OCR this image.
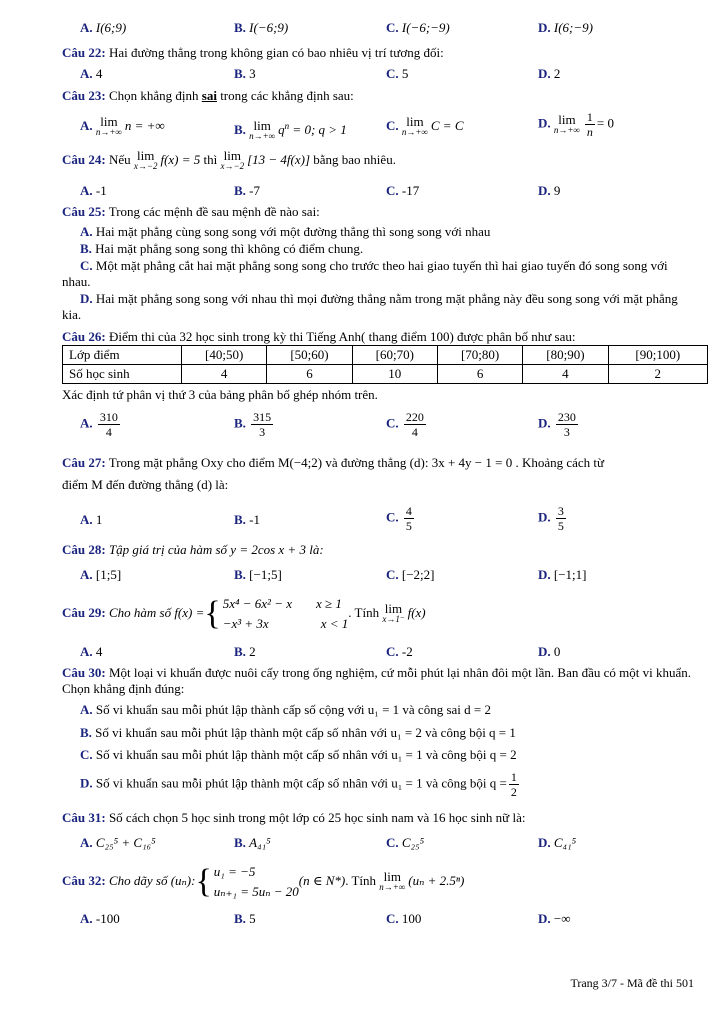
A. I(6;9)	B. I(−6;9)	C. I(−6;−9)	D. I(6;−9)
Câu 22: Hai đường thẳng trong không gian có bao nhiêu vị trí tương đối:
A. 4	B. 3	C. 5	D. 2
Câu 23: Chọn khẳng định sai trong các khẳng định sau:
A. lim
n→+∞ n = +∞	B. lim
n→+∞ $q^n = 0$; q > 1	C. lim
n→+∞ C = C	D. lim
$n\to+\infty \frac{1}{n} = 0$
Câu 24: Nếu lim
x→−2 f(x) = 5 thì lim
x→−2 [13 − 4f(x)] bằng bao nhiêu.
A. -1	B. -7	C. -17	D. 9
Câu 25: Trong các mệnh đề sau mệnh đề nào sai:
A. Hai mặt phẳng cùng song song với một đường thẳng thì song song với nhau
B. Hai mặt phẳng song song thì không có điểm chung.
C. Một mặt phẳng cắt hai mặt phẳng song song cho trước theo hai giao tuyến thì hai giao tuyến đó song song với nhau.
D. Hai mặt phẳng song song với nhau thì mọi đường thẳng nằm trong mặt phẳng này đều song song với mặt phẳng kia.
Câu 26: Điểm thi của 32 học sinh trong kỳ thi Tiếng Anh( thang điểm 100) được phân bố như sau:
Lớp điểm	[40;50)	[50;60)	[60;70)	[70;80)	[80;90)	[90;100)
Số học sinh	4	6	10	6	4	2
Xác định tứ phân vị thứ 3 của bảng phân bố ghép nhóm trên.
A. $\frac{310}{4}$	B. $\frac{315}{3}$	C. $\frac{220}{4}$	D. $\frac{230}{3}$
Câu 27: Trong mặt phẳng Oxy cho điểm M(−4;2) và đường thẳng (d): 3x + 4y − 1 = 0 . Khoảng cách từ
điểm M đến đường thẳng (d) là:
A. 1	B. -1	C. $\frac{4}{5}$	D. $\frac{3}{5}$
Câu 28: Tập giá trị của hàm số y = 2cos x + 3 là:
A. [1;5]	B. [−1;5]	C. [−2;2]	D. [−1;1]
Câu 29: Cho hàm số f(x) ={ 5x⁴ − 6x² − x x ≥ 1
−x³ + 3x	x < 1
. Tính lim
x→1⁻ f(x)
A. 4	B. 2	C. -2	D. 0
Câu 30: Một loại vi khuẩn được nuôi cấy trong ống nghiệm, cứ mỗi phút lại nhân đôi một lần. Ban đầu có một vi khuẩn. Chọn khẳng định đúng:
A. Số vi khuẩn sau mỗi phút lập thành cấp số cộng với u₁ = 1 và công sai d = 2
B. Số vi khuẩn sau mỗi phút lập thành một cấp số nhân với u₁ = 2 và công bội q = 1
C. Số vi khuẩn sau mỗi phút lập thành một cấp số nhân với u₁ = 1 và công bội q = 2
D. Số vi khuẩn sau mỗi phút lập thành một cấp số nhân với u₁ = 1 và công bội $q = \frac{1}{2}$
Câu 31: Số cách chọn 5 học sinh trong một lớp có 25 học sinh nam và 16 học sinh nữ là:
A. C₂₅⁵ + C₁₆⁵	B. A₄₁⁵	C. C₂₅⁵	D. C₄₁⁵
Câu 32: Cho dãy số (uₙ):{ u₁ = −5
uₙ₊₁ = 5uₙ − 20
(n ∈ N*). Tính lim
n→+∞ (uₙ + 2.5ⁿ)
A. -100	B. 5	C. 100	D. −∞
Trang 3/7 - Mã đề thi 501
